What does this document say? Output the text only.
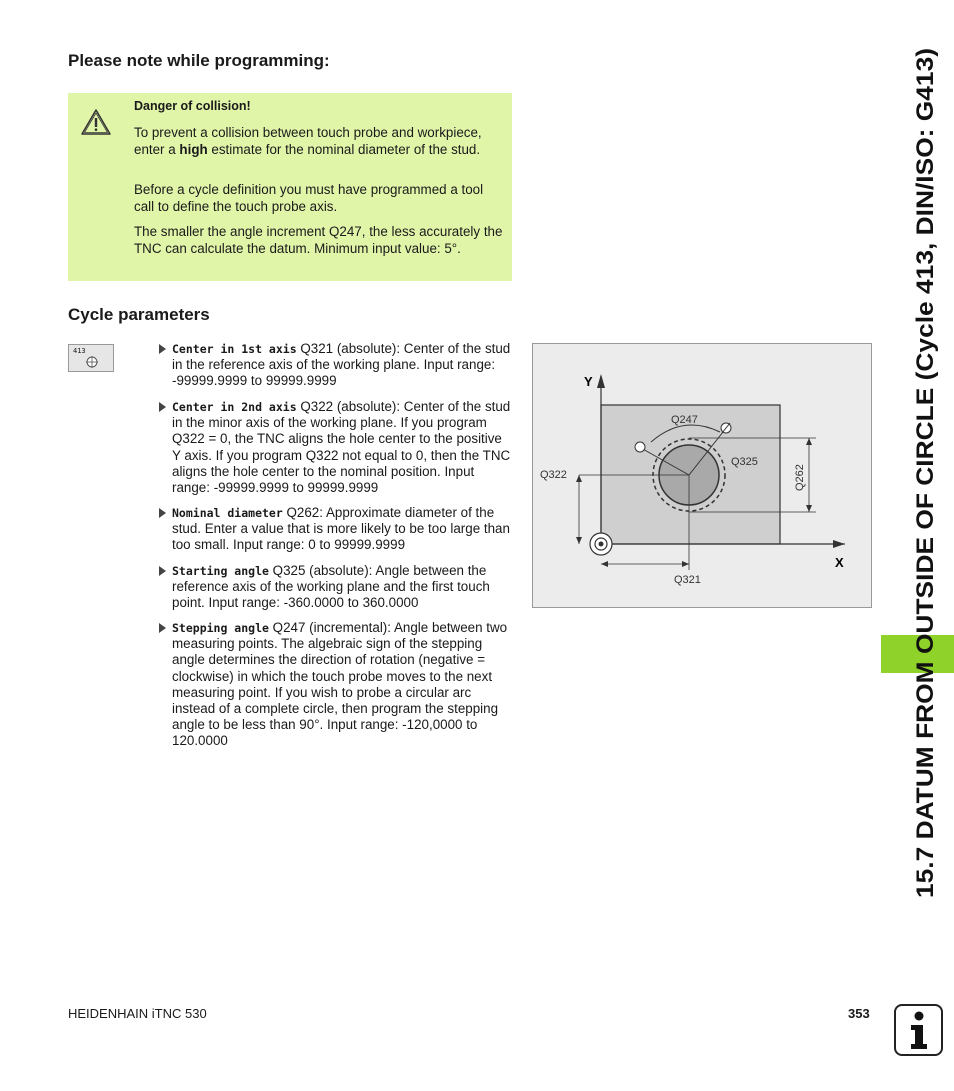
Please note while programming:
Danger of collision!

To prevent a collision between touch probe and workpiece, enter a high estimate for the nominal diameter of the stud.

Before a cycle definition you must have programmed a tool call to define the touch probe axis.

The smaller the angle increment Q247, the less accurately the TNC can calculate the datum. Minimum input value: 5°.

Cycle parameters
413	Center in 1st axis Q321 (absolute): Center of the stud in the reference axis of the working plane. Input range: -99999.9999 to 99999.9999

Center in 2nd axis Q322 (absolute): Center of the stud in the minor axis of the working plane. If you program Q322 = 0, the TNC aligns the hole center to the positive Y axis. If you program Q322 not equal to 0, then the TNC aligns the hole center to the nominal position. Input range: -99999.9999 to 99999.9999

Nominal diameter Q262: Approximate diameter of the stud. Enter a value that is more likely to be too large than too small. Input range: 0 to 99999.9999

Starting angle Q325 (absolute): Angle between the reference axis of the working plane and the first touch point. Input range: -360.0000 to 360.0000

Stepping angle Q247 (incremental): Angle between two measuring points. The algebraic sign of the stepping angle determines the direction of rotation (negative = clockwise) in which the touch probe moves to the next measuring point. If you wish to probe a circular arc instead of a complete circle, then program the stepping angle to be less than 90°. Input range: -120,0000 to 120.0000

Y
X
Q247
Q325
Q322	Q262
Q321	15.7 DATUM FROM OUTSIDE OF CIRCLE (Cycle 413, DIN/ISO: G413)
HEIDENHAIN iTNC 530	353
